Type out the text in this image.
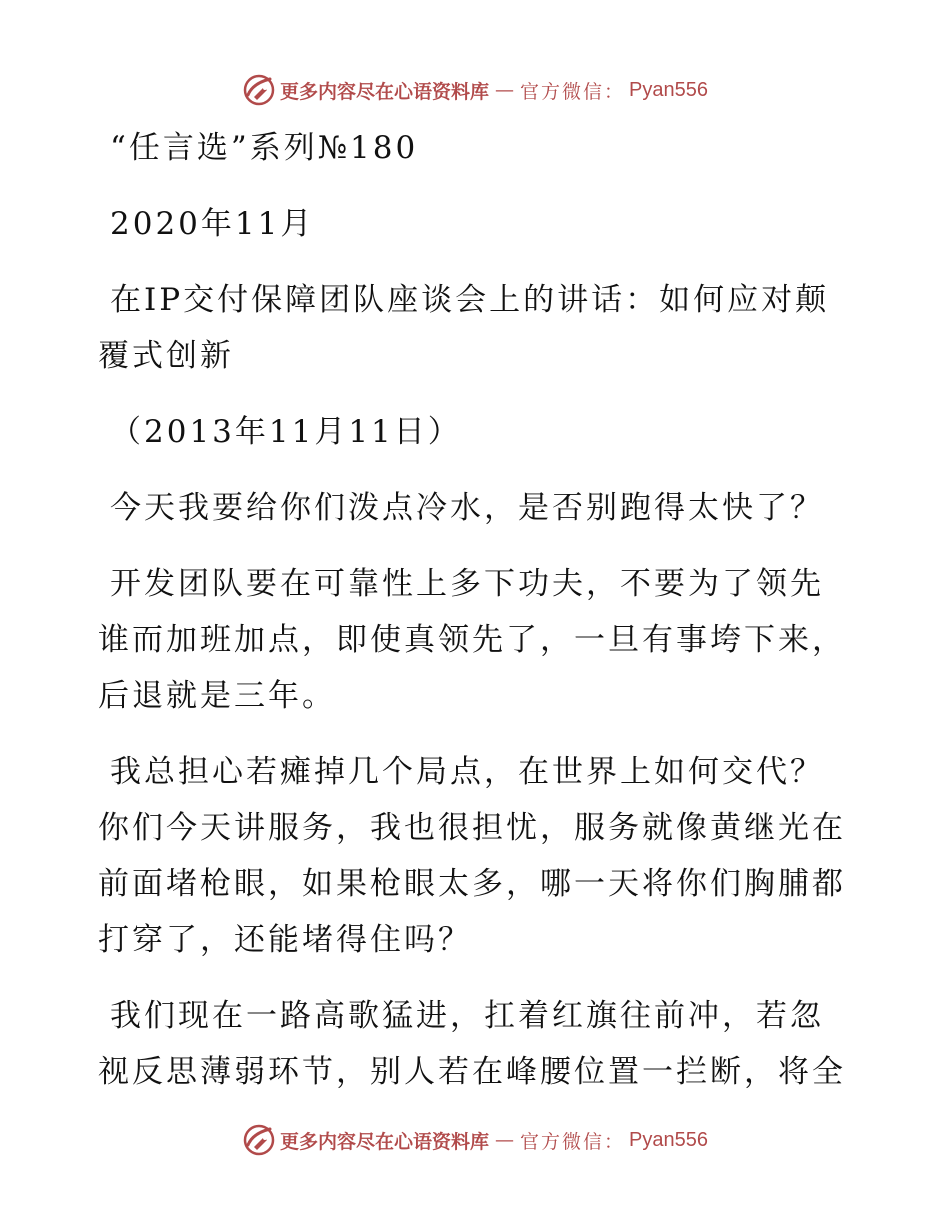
更多内容尽在心语资料库 — 官方微信： Pyan556
“任言选”系列№180
2020年11月
在IP交付保障团队座谈会上的讲话：如何应对颠
覆式创新
（2013年11月11日）
今天我要给你们泼点冷水，是否别跑得太快了？
开发团队要在可靠性上多下功夫，不要为了领先
谁而加班加点，即使真领先了，一旦有事垮下来，
后退就是三年。
我总担心若瘫掉几个局点，在世界上如何交代？
你们今天讲服务，我也很担忧，服务就像黄继光在
前面堵枪眼，如果枪眼太多，哪一天将你们胸脯都
打穿了，还能堵得住吗？
我们现在一路高歌猛进，扛着红旗往前冲，若忽
视反思薄弱环节，别人若在峰腰位置一拦断，将全
更多内容尽在心语资料库 — 官方微信： Pyan556
